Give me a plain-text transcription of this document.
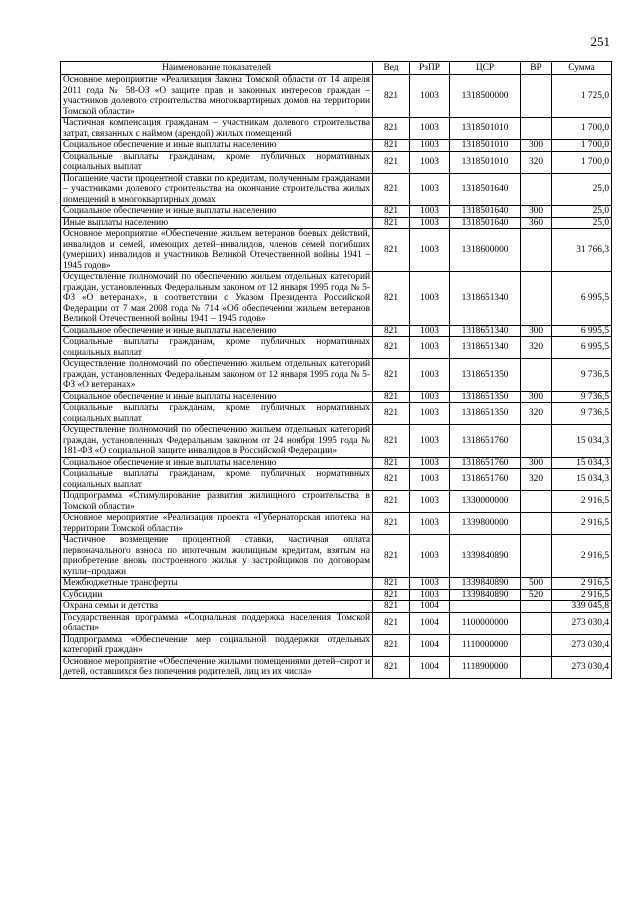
251
Наименование показателей	Вед	РзПР	ЦСР	ВР	Сумма
Основное мероприятие «Реализация Закона Томской области от 14 апреля 2011 года № 58-ОЗ «О защите прав и законных интересов граждан – участников долевого строительства многоквартирных домов на территории Томской области»	821	1003	1318500000		1 725,0
Частичная компенсация гражданам – участникам долевого строительства затрат, связанных с наймом (арендой) жилых помещений	821	1003	1318501010		1 700,0
Социальное обеспечение и иные выплаты населению	821	1003	1318501010	300	1 700,0
Социальные выплаты гражданам, кроме публичных нормативных социальных выплат	821	1003	1318501010	320	1 700,0
Погашение части процентной ставки по кредитам, полученным гражданами – участниками долевого строительства на окончание строительства жилых помещений в многоквартирных домах	821	1003	1318501640		25,0
Социальное обеспечение и иные выплаты населению	821	1003	1318501640	300	25,0
Иные выплаты населению	821	1003	1318501640	360	25,0
Основное мероприятие «Обеспечение жильем ветеранов боевых действий, инвалидов и семей, имеющих детей–инвалидов, членов семей погибших (умерших) инвалидов и участников Великой Отечественной войны 1941 – 1945 годов»	821	1003	1318600000		31 766,3
Осуществление полномочий по обеспечению жильем отдельных категорий граждан, установленных Федеральным законом от 12 января 1995 года № 5-ФЗ «О ветеранах», в соответствии с Указом Президента Российской Федерации от 7 мая 2008 года № 714 «Об обеспечении жильем ветеранов Великой Отечественной войны 1941 – 1945 годов»	821	1003	1318651340		6 995,5
Социальное обеспечение и иные выплаты населению	821	1003	1318651340	300	6 995,5
Социальные выплаты гражданам, кроме публичных нормативных социальных выплат	821	1003	1318651340	320	6 995,5
Осуществление полномочий по обеспечению жильем отдельных категорий граждан, установленных Федеральным законом от 12 января 1995 года № 5-ФЗ «О ветеранах»	821	1003	1318651350		9 736,5
Социальное обеспечение и иные выплаты населению	821	1003	1318651350	300	9 736,5
Социальные выплаты гражданам, кроме публичных нормативных социальных выплат	821	1003	1318651350	320	9 736,5
Осуществление полномочий по обеспечению жильем отдельных категорий граждан, установленных Федеральным законом от 24 ноября 1995 года № 181-ФЗ «О социальной защите инвалидов в Российской Федерации»	821	1003	1318651760		15 034,3
Социальное обеспечение и иные выплаты населению	821	1003	1318651760	300	15 034,3
Социальные выплаты гражданам, кроме публичных нормативных социальных выплат	821	1003	1318651760	320	15 034,3
Подпрограмма «Стимулирование развития жилищного строительства в Томской области»	821	1003	1330000000		2 916,5
Основное мероприятие «Реализация проекта «Губернаторская ипотека на территории Томской области»	821	1003	1339800000		2 916,5
Частичное возмещение процентной ставки, частичная оплата первоначального взноса по ипотечным жилищным кредитам, взятым на приобретение вновь построенного жилья у застройщиков по договорам купли–продажи	821	1003	1339840890		2 916,5
Межбюджетные трансферты	821	1003	1339840890	500	2 916,5
Субсидии	821	1003	1339840890	520	2 916,5
Охрана семьи и детства	821	1004			339 045,8
Государственная программа «Социальная поддержка населения Томской области»	821	1004	1100000000		273 030,4
Подпрограмма «Обеспечение мер социальной поддержки отдельных категорий граждан»	821	1004	1110000000		273 030,4
Основное мероприятие «Обеспечение жилыми помещениями детей–сирот и детей, оставшихся без попечения родителей, лиц из их числа»	821	1004	1118900000		273 030,4
